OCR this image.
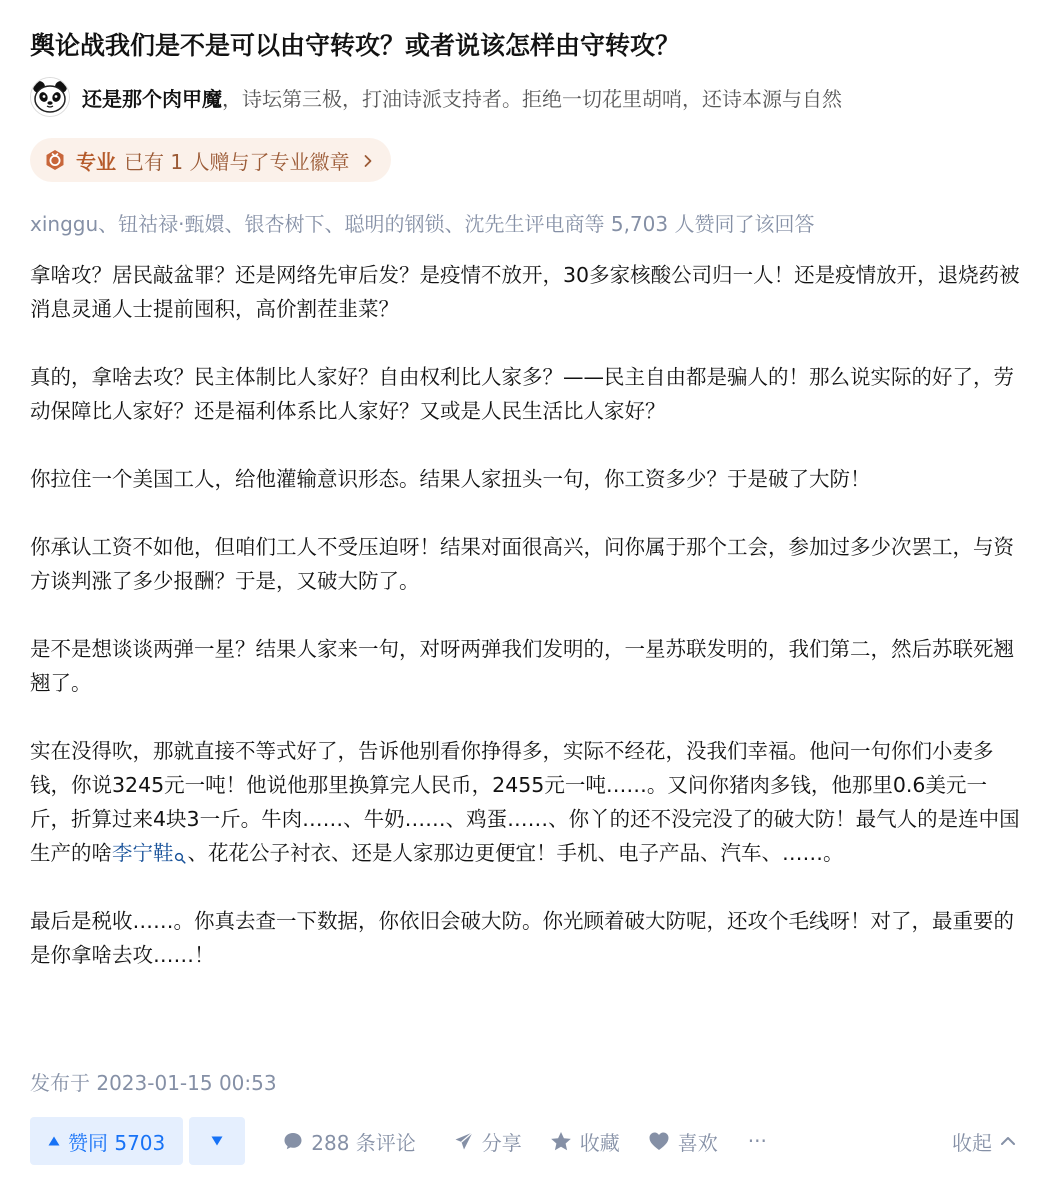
舆论战我们是不是可以由守转攻？或者说该怎样由守转攻？
还是那个肉甲魔 ， 诗坛第三极，打油诗派支持者。拒绝一切花里胡哨，还诗本源与自然
专业 已有 1 人赠与了专业徽章
xinggu、钮祜禄·甄嬛、银杏树下、聪明的钢锁、沈先生评电商等 5,703 人赞同了该回答

拿啥攻？居民敲盆罪？还是网络先审后发？是疫情不放开，30多家核酸公司归一人！还是疫情放开，退烧药被消息灵通人士提前囤积，高价割茬韭菜？

真的，拿啥去攻？民主体制比人家好？自由权利比人家多？——民主自由都是骗人的！那么说实际的好了，劳动保障比人家好？还是福利体系比人家好？又或是人民生活比人家好？

你拉住一个美国工人，给他灌输意识形态。结果人家扭头一句，你工资多少？于是破了大防！

你承认工资不如他，但咱们工人不受压迫呀！结果对面很高兴，问你属于那个工会，参加过多少次罢工，与资方谈判涨了多少报酬？于是，又破大防了。

是不是想谈谈两弹一星？结果人家来一句，对呀两弹我们发明的，一星苏联发明的，我们第二，然后苏联死翘翘了。

实在没得吹，那就直接不等式好了，告诉他别看你挣得多，实际不经花，没我们幸福。他问一句你们小麦多钱，你说3245元一吨！他说他那里换算完人民币，2455元一吨……。又问你猪肉多钱，他那里0.6美元一斤，折算过来4块3一斤。牛肉……、牛奶……、鸡蛋……、你丫的还不没完没了的破大防！最气人的是连中国生产的啥李宁鞋 、花花公子衬衣、还是人家那边更便宜！手机、电子产品、汽车、……。

最后是税收……。你真去查一下数据，你依旧会破大防。你光顾着破大防呢，还攻个毛线呀！对了，最重要的是你拿啥去攻……！

发布于 2023-01-15 00:53
赞同 5703	288 条评论	分享	收藏	喜欢 ···	收起
